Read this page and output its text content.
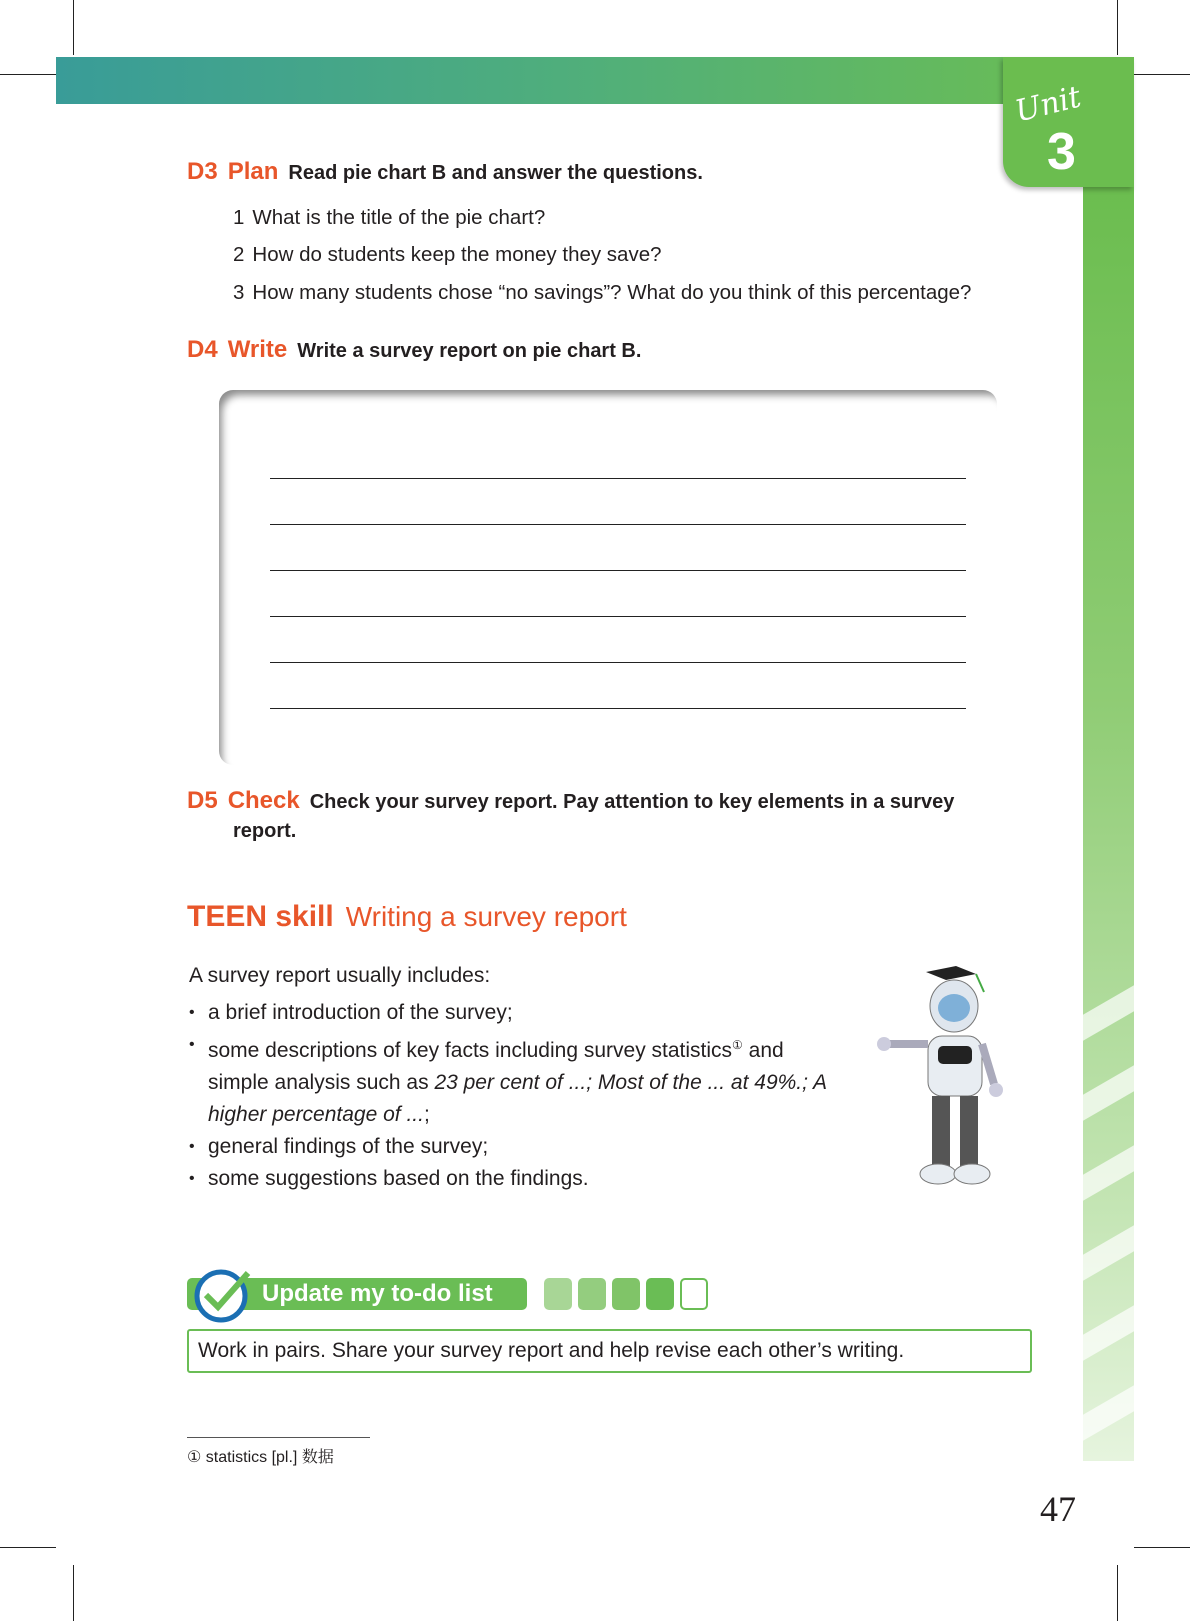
Unit
3
D3 Plan Read pie chart B and answer the questions.
1 What is the title of the pie chart?
2 How do students keep the money they save?
3 How many students chose “no savings”? What do you think of this percentage?
D4 Write Write a survey report on pie chart B.
D5 Check Check your survey report. Pay attention to key elements in a survey
report.
TEEN skill Writing a survey report
A survey report usually includes:
• a brief introduction of the survey;
• some descriptions of key facts including survey statistics① and simple analysis such as 23 per cent of ...; Most of the ... at 49%.; A higher percentage of ...;
• general findings of the survey;
• some suggestions based on the findings.
Update my to-do list
Work in pairs. Share your survey report and help revise each other’s writing.
① statistics [pl.] 数据
47
